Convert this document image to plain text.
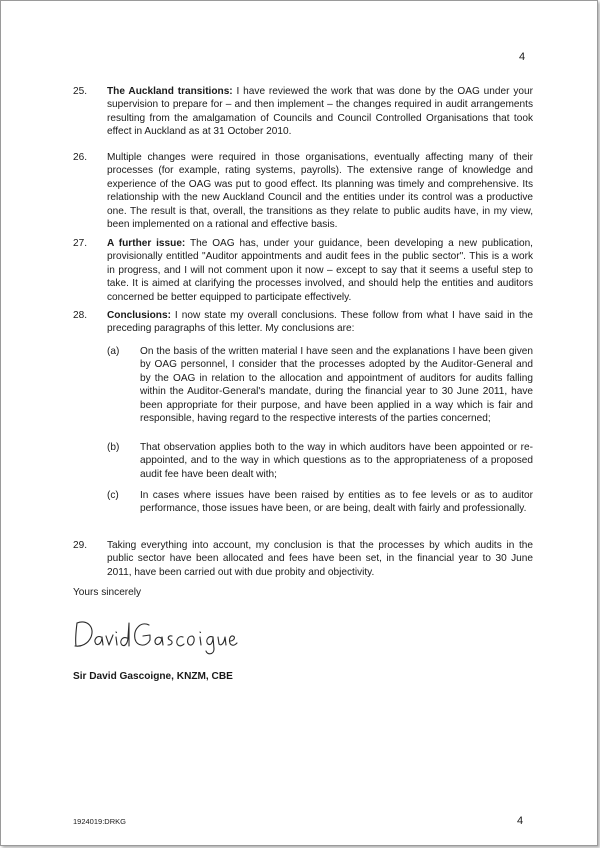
4
25. The Auckland transitions: I have reviewed the work that was done by the OAG under your supervision to prepare for – and then implement – the changes required in audit arrangements resulting from the amalgamation of Councils and Council Controlled Organisations that took effect in Auckland as at 31 October 2010.
26. Multiple changes were required in those organisations, eventually affecting many of their processes (for example, rating systems, payrolls). The extensive range of knowledge and experience of the OAG was put to good effect. Its planning was timely and comprehensive. Its relationship with the new Auckland Council and the entities under its control was a productive one. The result is that, overall, the transitions as they relate to public audits have, in my view, been implemented on a rational and effective basis.
27. A further issue: The OAG has, under your guidance, been developing a new publication, provisionally entitled "Auditor appointments and audit fees in the public sector". This is a work in progress, and I will not comment upon it now – except to say that it seems a useful step to take. It is aimed at clarifying the processes involved, and should help the entities and auditors concerned be better equipped to participate effectively.
28. Conclusions: I now state my overall conclusions. These follow from what I have said in the preceding paragraphs of this letter. My conclusions are:
(a) On the basis of the written material I have seen and the explanations I have been given by OAG personnel, I consider that the processes adopted by the Auditor-General and by the OAG in relation to the allocation and appointment of auditors for audits falling within the Auditor-General's mandate, during the financial year to 30 June 2011, have been appropriate for their purpose, and have been applied in a way which is fair and responsible, having regard to the respective interests of the parties concerned;
(b) That observation applies both to the way in which auditors have been appointed or re-appointed, and to the way in which questions as to the appropriateness of a proposed audit fee have been dealt with;
(c) In cases where issues have been raised by entities as to fee levels or as to auditor performance, those issues have been, or are being, dealt with fairly and professionally.
29. Taking everything into account, my conclusion is that the processes by which audits in the public sector have been allocated and fees have been set, in the financial year to 30 June 2011, have been carried out with due probity and objectivity.
Yours sincerely
Sir David Gascoigne, KNZM, CBE
1924019:DRKG	4
